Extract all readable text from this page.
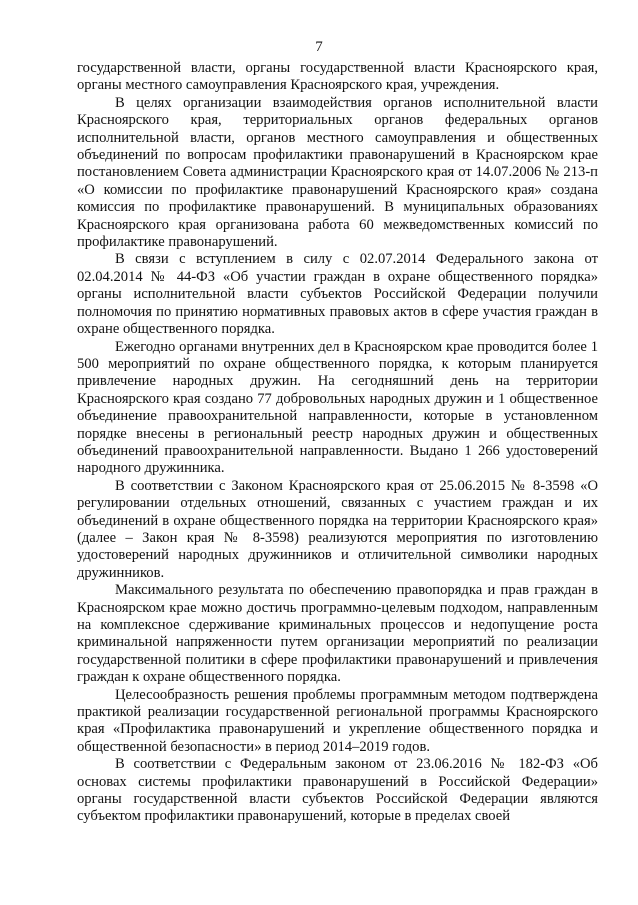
7

государственной власти, органы государственной власти Красноярского края, органы местного самоуправления Красноярского края, учреждения.

В целях организации взаимодействия органов исполнительной власти Красноярского края, территориальных органов федеральных органов исполнительной власти, органов местного самоуправления и общественных объединений по вопросам профилактики правонарушений в Красноярском крае постановлением Совета администрации Красноярского края от 14.07.2006 № 213-п «О комиссии по профилактике правонарушений Красноярского края» создана комиссия по профилактике правонарушений. В муниципальных образованиях Красноярского края организована работа 60 межведомственных комиссий по профилактике правонарушений.

В связи с вступлением в силу с 02.07.2014 Федерального закона от 02.04.2014 № 44-ФЗ «Об участии граждан в охране общественного порядка» органы исполнительной власти субъектов Российской Федерации получили полномочия по принятию нормативных правовых актов в сфере участия граждан в охране общественного порядка.

Ежегодно органами внутренних дел в Красноярском крае проводится более 1 500 мероприятий по охране общественного порядка, к которым планируется привлечение народных дружин. На сегодняшний день на территории Красноярского края создано 77 добровольных народных дружин и 1 общественное объединение правоохранительной направленности, которые в установленном порядке внесены в региональный реестр народных дружин и общественных объединений правоохранительной направленности. Выдано 1 266 удостоверений народного дружинника.

В соответствии с Законом Красноярского края от 25.06.2015 № 8-3598 «О регулировании отдельных отношений, связанных с участием граждан и их объединений в охране общественного порядка на территории Красноярского края» (далее – Закон края № 8-3598) реализуются мероприятия по изготовлению удостоверений народных дружинников и отличительной символики народных дружинников.

Максимального результата по обеспечению правопорядка и прав граждан в Красноярском крае можно достичь программно-целевым подходом, направленным на комплексное сдерживание криминальных процессов и недопущение роста криминальной напряженности путем организации мероприятий по реализации государственной политики в сфере профилактики правонарушений и привлечения граждан к охране общественного порядка.

Целесообразность решения проблемы программным методом подтверждена практикой реализации государственной региональной программы Красноярского края «Профилактика правонарушений и укрепление общественного порядка и общественной безопасности» в период 2014–2019 годов.

В соответствии с Федеральным законом от 23.06.2016 № 182-ФЗ «Об основах системы профилактики правонарушений в Российской Федерации» органы государственной власти субъектов Российской Федерации являются субъектом профилактики правонарушений, которые в пределах своей
